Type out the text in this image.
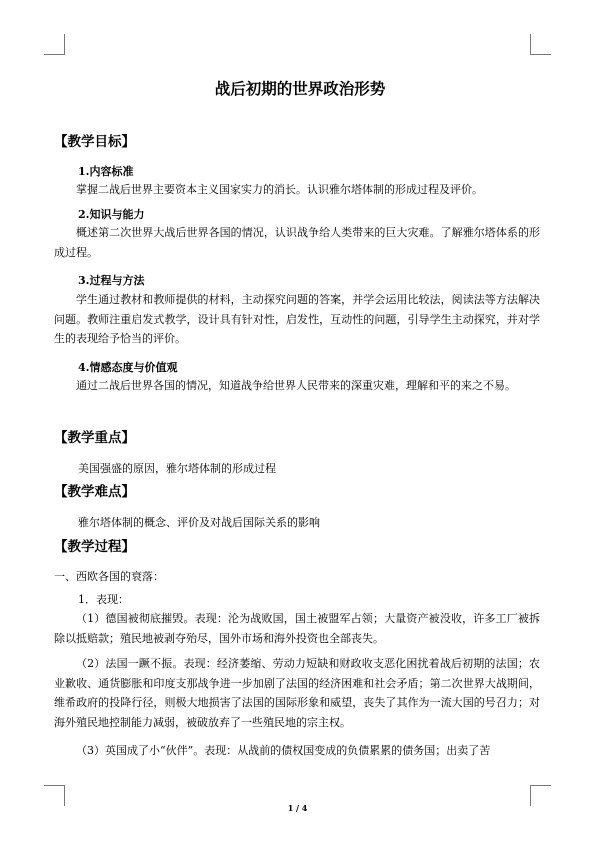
战后初期的世界政治形势
【教学目标】
1.内容标准

掌握二战后世界主要资本主义国家实力的消长。认识雅尔塔体制的形成过程及评价。

2.知识与能力

概述第二次世界大战后世界各国的情况，认识战争给人类带来的巨大灾难。了解雅尔塔体系的形成过程。

3.过程与方法

学生通过教材和教师提供的材料，主动探究问题的答案，并学会运用比较法，阅读法等方法解决问题。教师注重启发式教学，设计具有针对性，启发性，互动性的问题，引导学生主动探究，并对学生的表现给予恰当的评价。

4.情感态度与价值观

通过二战后世界各国的情况，知道战争给世界人民带来的深重灾难，理解和平的来之不易。

【教学重点】
美国强盛的原因，雅尔塔体制的形成过程
【教学难点】
雅尔塔体制的概念、评价及对战后国际关系的影响
【教学过程】
一、西欧各国的衰落：
1．表现：

（1）德国被彻底摧毁。表现：沦为战败国，国土被盟军占领；大量资产被没收，许多工厂被拆除以抵赔款；殖民地被剥夺殆尽，国外市场和海外投资也全部丧失。

（2）法国一蹶不振。表现：经济萎缩、劳动力短缺和财政收支恶化困扰着战后初期的法国；农业歉收、通货膨胀和印度支那战争进一步加剧了法国的经济困难和社会矛盾；第二次世界大战期间，维希政府的投降行径，则极大地损害了法国的国际形象和威望，丧失了其作为一流大国的号召力；对海外殖民地控制能力减弱，被破放弃了一些殖民地的宗主权。

（3）英国成了小“伙伴”。表现：从战前的债权国变成的负债累累的债务国；出卖了苦

1 / 4
